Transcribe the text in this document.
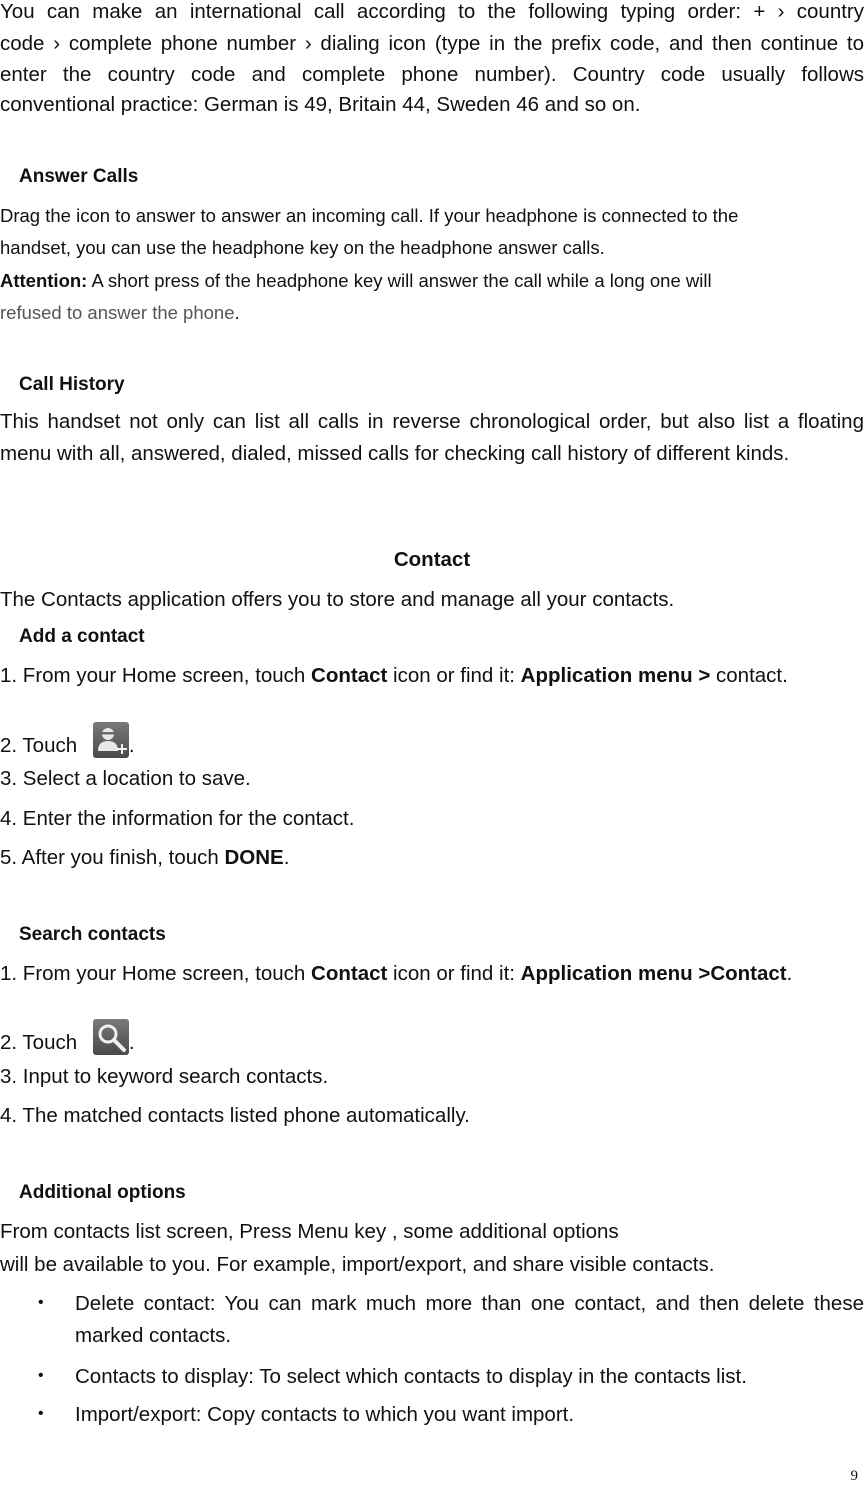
You can make an international call according to the following typing order: + › country
code › complete phone number › dialing icon (type in the prefix code, and then continue to
enter the country code and complete phone number). Country code usually follows
conventional practice: German is 49, Britain 44, Sweden 46 and so on.
Answer Calls
Drag the icon to answer to answer an incoming call. If your headphone is connected to the
handset, you can use the headphone key on the headphone answer calls.
Attention: A short press of the headphone key will answer the call while a long one will
refused to answer the phone.
Call History
This handset not only can list all calls in reverse chronological order, but also list a floating
menu with all, answered, dialed, missed calls for checking call history of different kinds.
Contact
The Contacts application offers you to store and manage all your contacts.
Add a contact
1. From your Home screen, touch Contact icon or find it: Application menu > contact.
2. Touch .
3. Select a location to save.
4. Enter the information for the contact.
5. After you finish, touch DONE.
Search contacts
1. From your Home screen, touch Contact icon or find it: Application menu >Contact.
2. Touch .
3. Input to keyword search contacts.
4. The matched contacts listed phone automatically.
Additional options
From contacts list screen, Press Menu key , some additional options
will be available to you. For example, import/export, and share visible contacts.
• Delete contact: You can mark much more than one contact, and then delete these
marked contacts.
• Contacts to display: To select which contacts to display in the contacts list.
• Import/export: Copy contacts to which you want import.
9
